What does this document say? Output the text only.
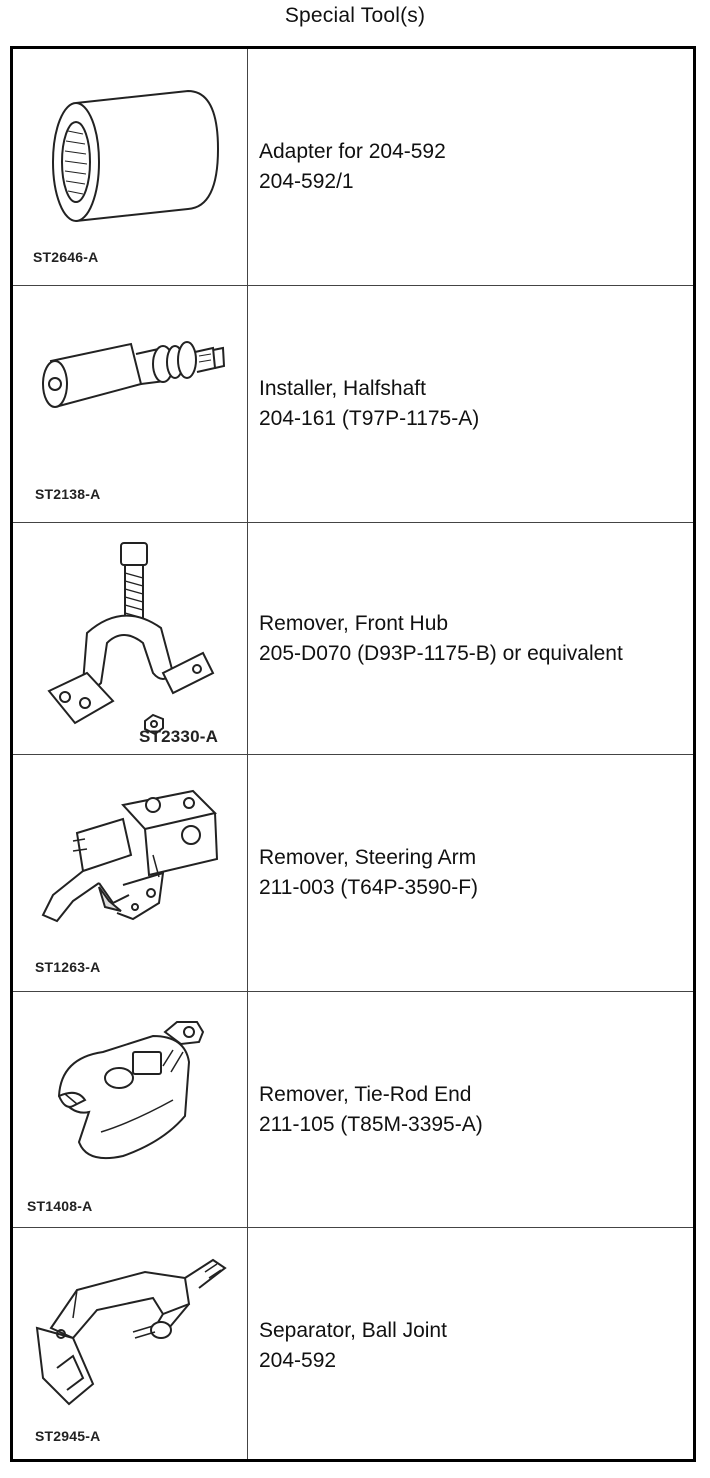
Special Tool(s)
ST2646-A
Adapter for 204-592
204-592/1
ST2138-A
Installer, Halfshaft
204-161 (T97P-1175-A)
ST2330-A
Remover, Front Hub
205-D070 (D93P-1175-B) or equivalent
ST1263-A
Remover, Steering Arm
211-003 (T64P-3590-F)
ST1408-A
Remover, Tie-Rod End
211-105 (T85M-3395-A)
ST2945-A
Separator, Ball Joint
204-592
